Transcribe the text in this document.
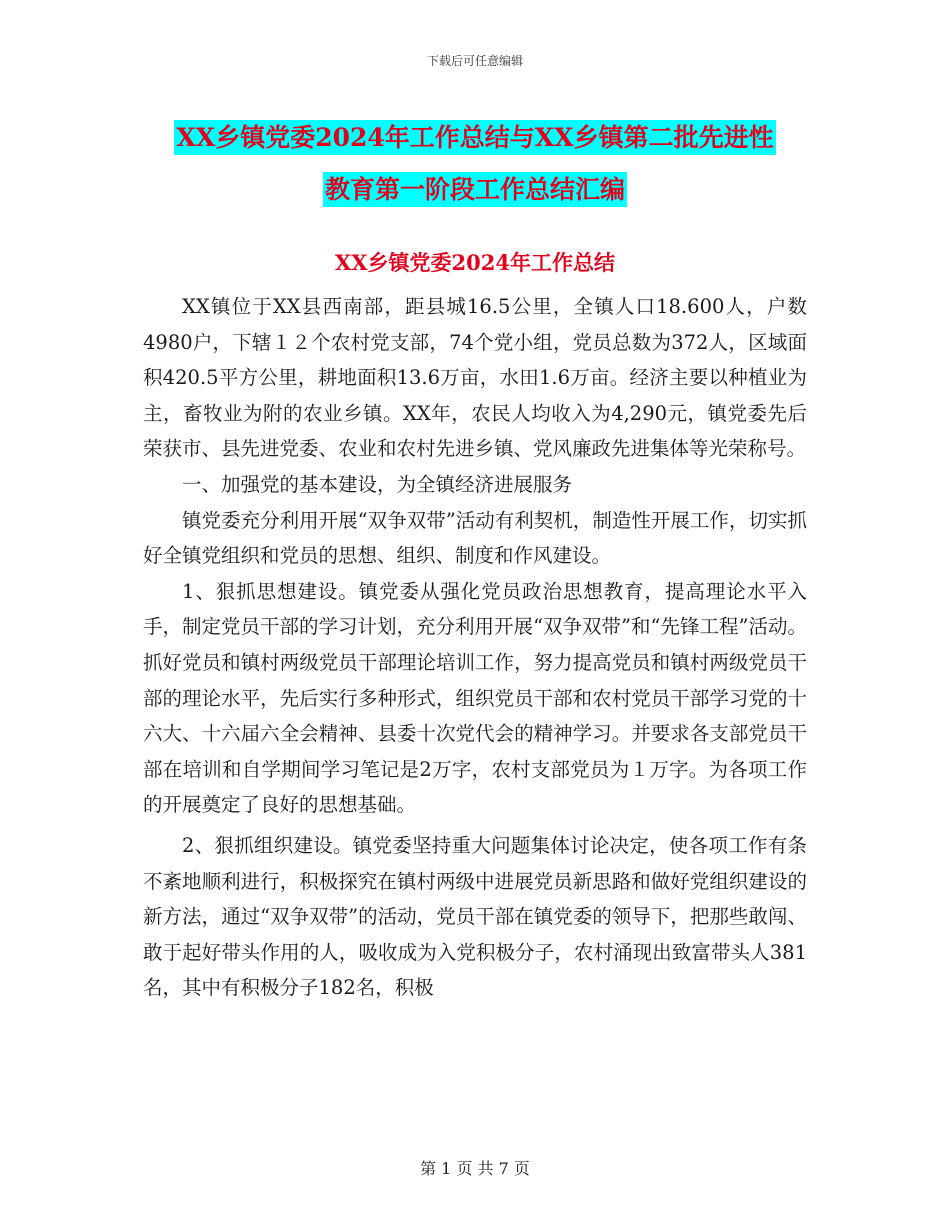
下载后可任意编辑
XX乡镇党委2024年工作总结与XX乡镇第二批先进性
教育第一阶段工作总结汇编
XX乡镇党委2024年工作总结

XX镇位于XX县西南部，距县城16.5公里，全镇人口18.600人，户数4980户，下辖１２个农村党支部，74个党小组，党员总数为372人，区域面积420.5平方公里，耕地面积13.6万亩，水田1.6万亩。经济主要以种植业为主，畜牧业为附的农业乡镇。XX年，农民人均收入为4,290元，镇党委先后荣获市、县先进党委、农业和农村先进乡镇、党风廉政先进集体等光荣称号。

一、加强党的基本建设，为全镇经济进展服务

镇党委充分利用开展“双争双带”活动有利契机，制造性开展工作，切实抓好全镇党组织和党员的思想、组织、制度和作风建设。

1、狠抓思想建设。镇党委从强化党员政治思想教育，提高理论水平入手，制定党员干部的学习计划，充分利用开展“双争双带”和“先锋工程”活动。抓好党员和镇村两级党员干部理论培训工作，努力提高党员和镇村两级党员干部的理论水平，先后实行多种形式，组织党员干部和农村党员干部学习党的十六大、十六届六全会精神、县委十次党代会的精神学习。并要求各支部党员干部在培训和自学期间学习笔记是2万字，农村支部党员为１万字。为各项工作的开展奠定了良好的思想基础。

2、狠抓组织建设。镇党委坚持重大问题集体讨论决定，使各项工作有条不紊地顺利进行，积极探究在镇村两级中进展党员新思路和做好党组织建设的新方法，通过“双争双带”的活动，党员干部在镇党委的领导下，把那些敢闯、敢于起好带头作用的人，吸收成为入党积极分子，农村涌现出致富带头人381名，其中有积极分子182名，积极

第 1 页 共 7 页
